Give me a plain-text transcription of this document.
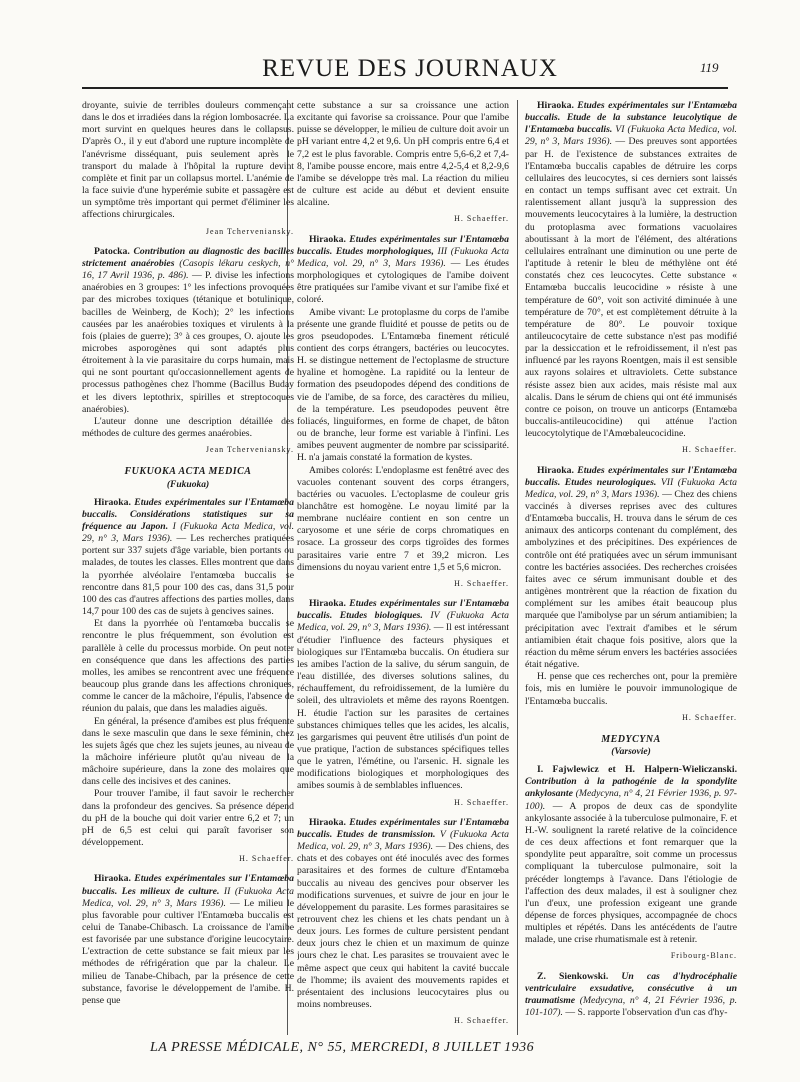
REVUE DES JOURNAUX	119

droyante, suivie de terribles douleurs commençant dans le dos et irradiées dans la région lombosacrée. La mort survint en quelques heures dans le collapsus. D'après O., il y eut d'abord une rupture incomplète de l'anévrisme disséquant, puis seulement après le transport du malade à l'hôpital la rupture devint complète et finit par un collapsus mortel. L'anémie de la face suivie d'une hyperémie subite et passagère est un symptôme très important qui permet d'éliminer les affections chirurgicales.

Jean Tcherveniansky.

Patocka. Contribution au diagnostic des bacilles strictement anaérobies (Casopis lékaru ceskych, n° 16, 17 Avril 1936, p. 486). — P. divise les infections anaérobies en 3 groupes: 1° les infections provoquées par des microbes toxiques (tétanique et botulinique, bacilles de Weinberg, de Koch); 2° les infections causées par les anaérobies toxiques et virulents à la fois (plaies de guerre); 3° à ces groupes, O. ajoute les microbes asporogènes qui sont adaptés plus étroitement à la vie parasitaire du corps humain, mais qui ne sont pourtant qu'occasionnellement agents de processus pathogènes chez l'homme (Bacillus Buday et les divers leptothrix, spirilles et streptocoques anaérobies).

L'auteur donne une description détaillée des méthodes de culture des germes anaérobies.

Jean Tcherveniansky.
FUKUOKA ACTA MEDICA
(Fukuoka)

Hiraoka. Etudes expérimentales sur l'Entamœba buccalis. Considérations statistiques sur sa fréquence au Japon. I (Fukuoka Acta Medica, vol. 29, n° 3, Mars 1936). — Les recherches pratiquées portent sur 337 sujets d'âge variable, bien portants ou malades, de toutes les classes. Elles montrent que dans la pyorrhée alvéolaire l'entamœba buccalis se rencontre dans 81,5 pour 100 des cas, dans 31,5 pour 100 des cas d'autres affections des parties molles, dans 14,7 pour 100 des cas de sujets à gencives saines.

Et dans la pyorrhée où l'entamœba buccalis se rencontre le plus fréquemment, son évolution est parallèle à celle du processus morbide. On peut noter en conséquence que dans les affections des parties molles, les amibes se rencontrent avec une fréquence beaucoup plus grande dans les affections chroniques, comme le cancer de la mâchoire, l'épulis, l'absence de réunion du palais, que dans les maladies aiguës.

En général, la présence d'amibes est plus fréquente dans le sexe masculin que dans le sexe féminin, chez les sujets âgés que chez les sujets jeunes, au niveau de la mâchoire inférieure plutôt qu'au niveau de la mâchoire supérieure, dans la zone des molaires que dans celle des incisives et des canines.

Pour trouver l'amibe, il faut savoir le rechercher dans la profondeur des gencives. Sa présence dépend du pH de la bouche qui doit varier entre 6,2 et 7; un pH de 6,5 est celui qui paraît favoriser son développement.

H. Schaeffer.

Hiraoka. Etudes expérimentales sur l'Entamœba buccalis. Les milieux de culture. II (Fukuoka Acta Medica, vol. 29, n° 3, Mars 1936). — Le milieu le plus favorable pour cultiver l'Entamœba buccalis est celui de Tanabe-Chibasch. La croissance de l'amibe est favorisée par une substance d'origine leucocytaire. L'extraction de cette substance se fait mieux par les méthodes de réfrigération que par la chaleur. Le milieu de Tanabe-Chibach, par la présence de cette substance, favorise le développement de l'amibe. H. pense que

cette substance a sur sa croissance une action excitante qui favorise sa croissance. Pour que l'amibe puisse se développer, le milieu de culture doit avoir un pH variant entre 4,2 et 9,6. Un pH compris entre 6,4 et 7,2 est le plus favorable. Compris entre 5,6-6,2 et 7,4-8, l'amibe pousse encore, mais entre 4,2-5,4 et 8,2-9,6 l'amibe se développe très mal. La réaction du milieu de culture est acide au début et devient ensuite alcaline.

H. Schaeffer.

Hiraoka. Etudes expérimentales sur l'Entamœba buccalis. Etudes morphologiques, III (Fukuoka Acta Medica, vol. 29, n° 3, Mars 1936). — Les études morphologiques et cytologiques de l'amibe doivent être pratiquées sur l'amibe vivant et sur l'amibe fixé et coloré.

Amibe vivant: Le protoplasme du corps de l'amibe présente une grande fluidité et pousse de petits ou de gros pseudopodes. L'Entamœba finement réticulé contient des corps étrangers, bactéries ou leucocytes. H. se distingue nettement de l'ectoplasme de structure hyaline et homogène. La rapidité ou la lenteur de formation des pseudopodes dépend des conditions de vie de l'amibe, de sa force, des caractères du milieu, de la température. Les pseudopodes peuvent être foliacés, linguiformes, en forme de chapet, de bâton ou de branche, leur forme est variable à l'infini. Les amibes peuvent augmenter de nombre par scissiparité. H. n'a jamais constaté la formation de kystes.

Amibes colorés: L'endoplasme est fenêtré avec des vacuoles contenant souvent des corps étrangers, bactéries ou vacuoles. L'ectoplasme de couleur gris blanchâtre est homogène. Le noyau limité par la membrane nucléaire contient en son centre un caryosome et une série de corps chromatiques en rosace. La grosseur des corps tigroïdes des formes parasitaires varie entre 7 et 39,2 micron. Les dimensions du noyau varient entre 1,5 et 5,6 micron.

H. Schaeffer.

Hiraoka. Etudes expérimentales sur l'Entamœba buccalis. Etudes biologiques. IV (Fukuoka Acta Medica, vol. 29, n° 3, Mars 1936). — Il est intéressant d'étudier l'influence des facteurs physiques et biologiques sur l'Entamœba buccalis. On étudiera sur les amibes l'action de la salive, du sérum sanguin, de l'eau distillée, des diverses solutions salines, du réchauffement, du refroidissement, de la lumière du soleil, des ultraviolets et même des rayons Roentgen. H. étudie l'action sur les parasites de certaines substances chimiques telles que les acides, les alcalis, les gargarismes qui peuvent être utilisés d'un point de vue pratique, l'action de substances spécifiques telles que le yatren, l'émétine, ou l'arsenic. H. signale les modifications biologiques et morphologiques des amibes soumis à de semblables influences.

H. Schaeffer.

Hiraoka. Etudes expérimentales sur l'Entamœba buccalis. Etudes de transmission. V (Fukuoka Acta Medica, vol. 29, n° 3, Mars 1936). — Des chiens, des chats et des cobayes ont été inoculés avec des formes parasitaires et des formes de culture d'Entamœba buccalis au niveau des gencives pour observer les modifications survenues, et suivre de jour en jour le développement du parasite. Les formes parasitaires se retrouvent chez les chiens et les chats pendant un à deux jours. Les formes de culture persistent pendant deux jours chez le chien et un maximum de quinze jours chez le chat. Les parasites se trouvaient avec le même aspect que ceux qui habitent la cavité buccale de l'homme; ils avaient des mouvements rapides et présentaient des inclusions leucocytaires plus ou moins nombreuses.

H. Schaeffer.

Hiraoka. Etudes expérimentales sur l'Entamœba buccalis. Etude de la substance leucolytique de l'Entamœba buccalis. VI (Fukuoka Acta Medica, vol. 29, n° 3, Mars 1936). — Des preuves sont apportées par H. de l'existence de substances extraites de l'Entamœba buccalis capables de détruire les corps cellulaires des leucocytes, si ces derniers sont laissés en contact un temps suffisant avec cet extrait. Un ralentissement allant jusqu'à la suppression des mouvements leucocytaires à la lumière, la destruction du protoplasma avec formations vacuolaires aboutissant à la mort de l'élément, des altérations cellulaires entraînant une diminution ou une perte de l'aptitude à retenir le bleu de méthylène ont été constatés chez ces leucocytes. Cette substance « Entamœba buccalis leucocidine » résiste à une température de 60°, voit son activité diminuée à une température de 70°, et est complètement détruite à la température de 80°. Le pouvoir toxique antileucocytaire de cette substance n'est pas modifié par la dessiccation et le refroidissement, il n'est pas influencé par les rayons Roentgen, mais il est sensible aux rayons solaires et ultraviolets. Cette substance résiste assez bien aux acides, mais résiste mal aux alcalis. Dans le sérum de chiens qui ont été immunisés contre ce poison, on trouve un anticorps (Entamœba buccalis-antileucocidine) qui atténue l'action leucocytolytique de l'Amœbaleucocidine.

H. Schaeffer.

Hiraoka. Etudes expérimentales sur l'Entamœba buccalis. Etudes neurologiques. VII (Fukuoka Acta Medica, vol. 29, n° 3, Mars 1936). — Chez des chiens vaccinés à diverses reprises avec des cultures d'Entamœba buccalis, H. trouva dans le sérum de ces animaux des anticorps contenant du complément, des ambolyzines et des précipitines. Des expériences de contrôle ont été pratiquées avec un sérum immunisant contre les bactéries associées. Des recherches croisées faites avec ce sérum immunisant double et des antigènes montrèrent que la réaction de fixation du complément sur les amibes était beaucoup plus marquée que l'amibolyse par un sérum antiamibien; la précipitation avec l'extrait d'amibes et le sérum antiamibien était chaque fois positive, alors que la réaction du même sérum envers les bactéries associées était négative.

H. pense que ces recherches ont, pour la première fois, mis en lumière le pouvoir immunologique de l'Entamœba buccalis.

H. Schaeffer.
MEDYCYNA
(Varsovie)

I. Fajwlewicz et H. Halpern-Wieliczanski. Contribution à la pathogénie de la spondylite ankylosante (Medycyna, n° 4, 21 Février 1936, p. 97-100). — A propos de deux cas de spondylite ankylosante associée à la tuberculose pulmonaire, F. et H.-W. soulignent la rareté relative de la coïncidence de ces deux affections et font remarquer que la spondylite peut apparaître, soit comme un processus compliquant la tuberculose pulmonaire, soit la précéder longtemps à l'avance. Dans l'étiologie de l'affection des deux malades, il est à souligner chez l'un d'eux, une profession exigeant une grande dépense de forces physiques, accompagnée de chocs multiples et répétés. Dans les antécédents de l'autre malade, une crise rhumatismale est à retenir.

Fribourg-Blanc.

Z. Sienkowski. Un cas d'hydrocéphalie ventriculaire exsudative, consécutive à un traumatisme (Medycyna, n° 4, 21 Février 1936, p. 101-107). — S. rapporte l'observation d'un cas d'hy-

LA PRESSE MÉDICALE, N° 55, MERCREDI, 8 JUILLET 1936
